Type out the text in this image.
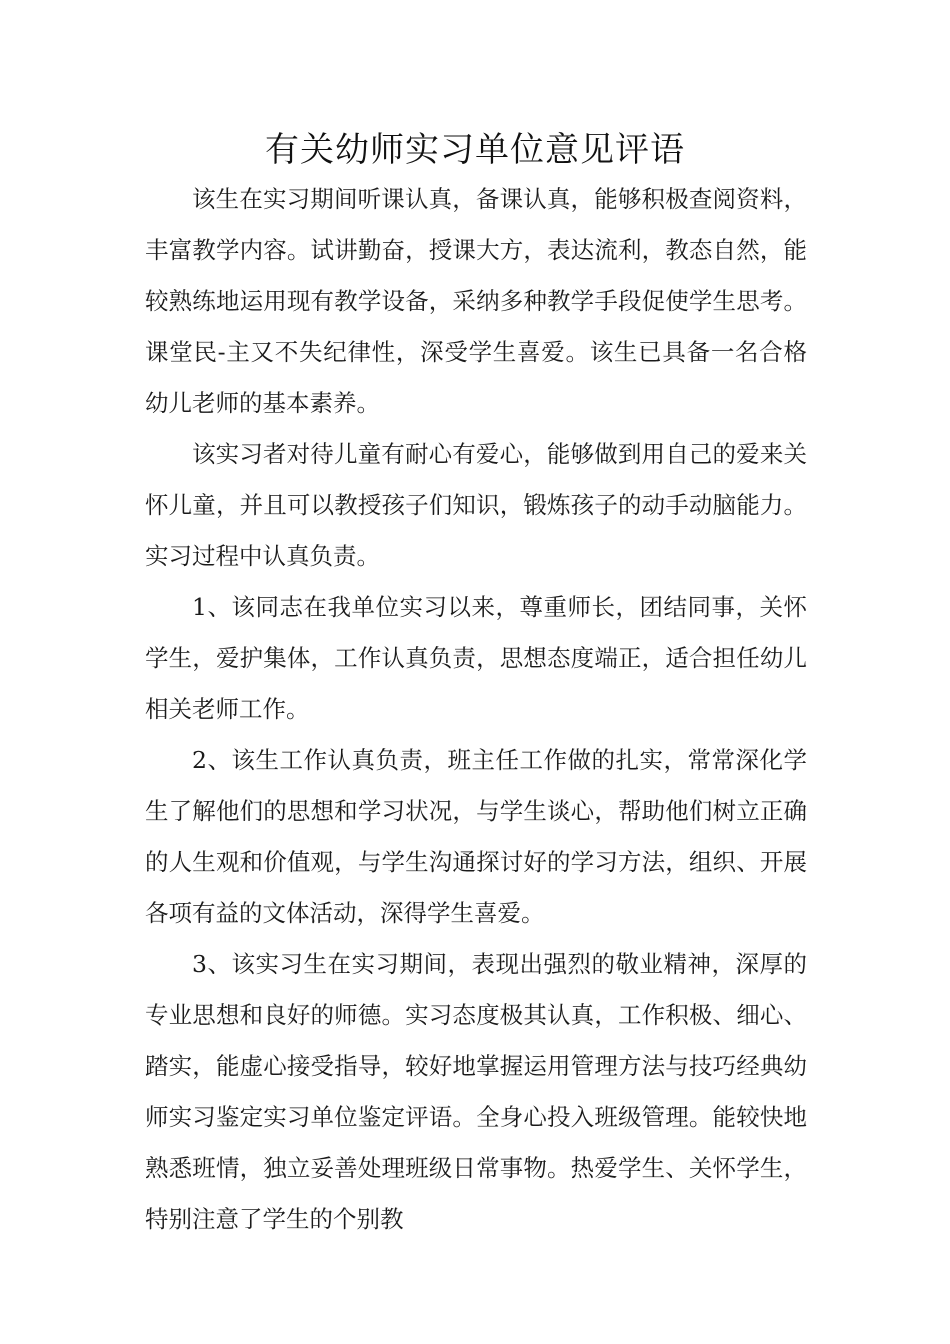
有关幼师实习单位意见评语

该生在实习期间听课认真，备课认真，能够积极查阅资料，丰富教学内容。试讲勤奋，授课大方，表达流利，教态自然，能较熟练地运用现有教学设备，采纳多种教学手段促使学生思考。课堂民-主又不失纪律性，深受学生喜爱。该生已具备一名合格幼儿老师的基本素养。

该实习者对待儿童有耐心有爱心，能够做到用自己的爱来关怀儿童，并且可以教授孩子们知识，锻炼孩子的动手动脑能力。实习过程中认真负责。

1、该同志在我单位实习以来，尊重师长，团结同事，关怀学生，爱护集体，工作认真负责，思想态度端正，适合担任幼儿相关老师工作。

2、该生工作认真负责，班主任工作做的扎实，常常深化学生了解他们的思想和学习状况，与学生谈心，帮助他们树立正确的人生观和价值观，与学生沟通探讨好的学习方法，组织、开展各项有益的文体活动，深得学生喜爱。

3、该实习生在实习期间，表现出强烈的敬业精神，深厚的专业思想和良好的师德。实习态度极其认真，工作积极、细心、踏实，能虚心接受指导，较好地掌握运用管理方法与技巧经典幼师实习鉴定实习单位鉴定评语。全身心投入班级管理。能较快地熟悉班情，独立妥善处理班级日常事物。热爱学生、关怀学生，特别注意了学生的个别教
